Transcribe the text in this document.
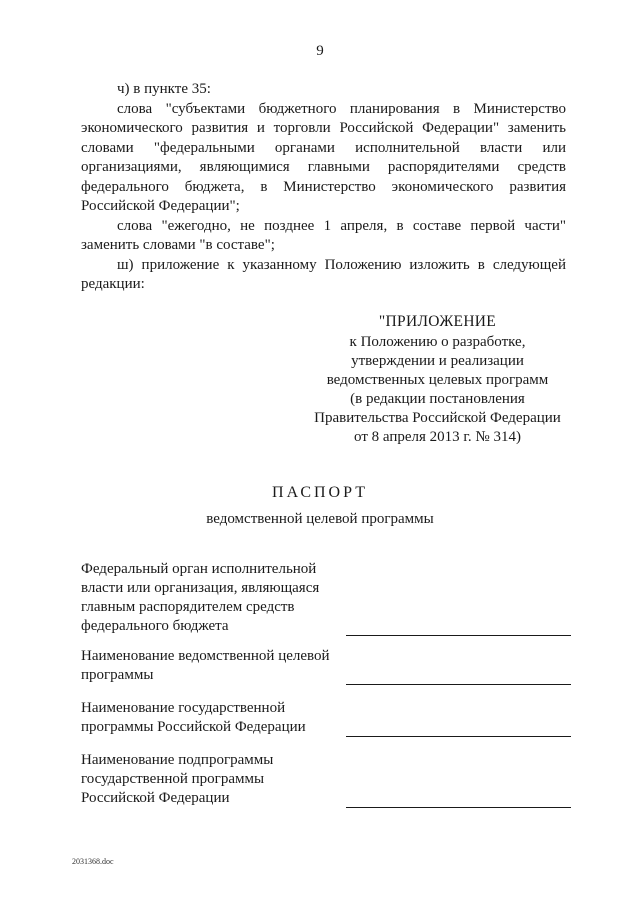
9

ч) в пункте 35:

слова "субъектами бюджетного планирования в Министерство экономического развития и торговли Российской Федерации" заменить словами "федеральными органами исполнительной власти или организациями, являющимися главными распорядителями средств федерального бюджета, в Министерство экономического развития Российской Федерации";

слова "ежегодно, не позднее 1 апреля, в составе первой части" заменить словами "в составе";

ш) приложение к указанному Положению изложить в следующей редакции:

"ПРИЛОЖЕНИЕ
к Положению о разработке,
утверждении и реализации
ведомственных целевых программ
(в редакции постановления
Правительства Российской Федерации
от 8 апреля 2013 г. № 314)
ПАСПОРТ
ведомственной целевой программы
Федеральный орган исполнительной власти или организация, являющаяся главным распорядителем средств федерального бюджета
Наименование ведомственной целевой программы
Наименование государственной программы Российской Федерации
Наименование подпрограммы государственной программы Российской Федерации
2031368.doc
